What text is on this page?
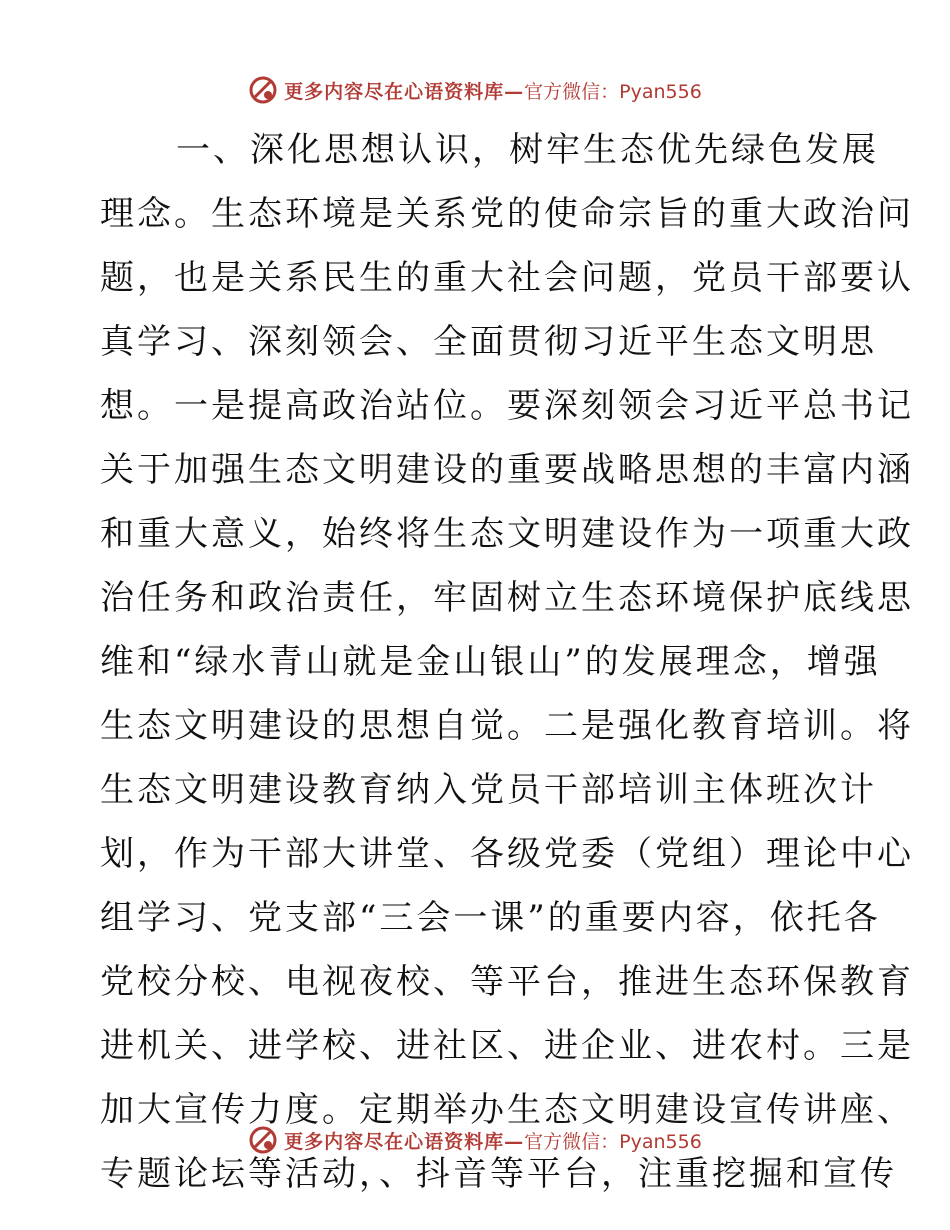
更多内容尽在心语资料库— 官方微信：Pyan556
一、深化思想认识，树牢生态优先绿色发展
理念。生态环境是关系党的使命宗旨的重大政治问
题，也是关系民生的重大社会问题，党员干部要认
真学习、深刻领会、全面贯彻习近平生态文明思
想。一是提高政治站位。要深刻领会习近平总书记
关于加强生态文明建设的重要战略思想的丰富内涵
和重大意义，始终将生态文明建设作为一项重大政
治任务和政治责任，牢固树立生态环境保护底线思
维和“绿水青山就是金山银山”的发展理念，增强
生态文明建设的思想自觉。二是强化教育培训。将
生态文明建设教育纳入党员干部培训主体班次计
划，作为干部大讲堂、各级党委（党组）理论中心
组学习、党支部“三会一课”的重要内容，依托各
党校分校、电视夜校、等平台，推进生态环保教育
进机关、进学校、进社区、进企业、进农村。三是
加大宣传力度。定期举办生态文明建设宣传讲座、
专题论坛等活动，、抖音等平台，注重挖掘和宣传
更多内容尽在心语资料库— 官方微信：Pyan556
